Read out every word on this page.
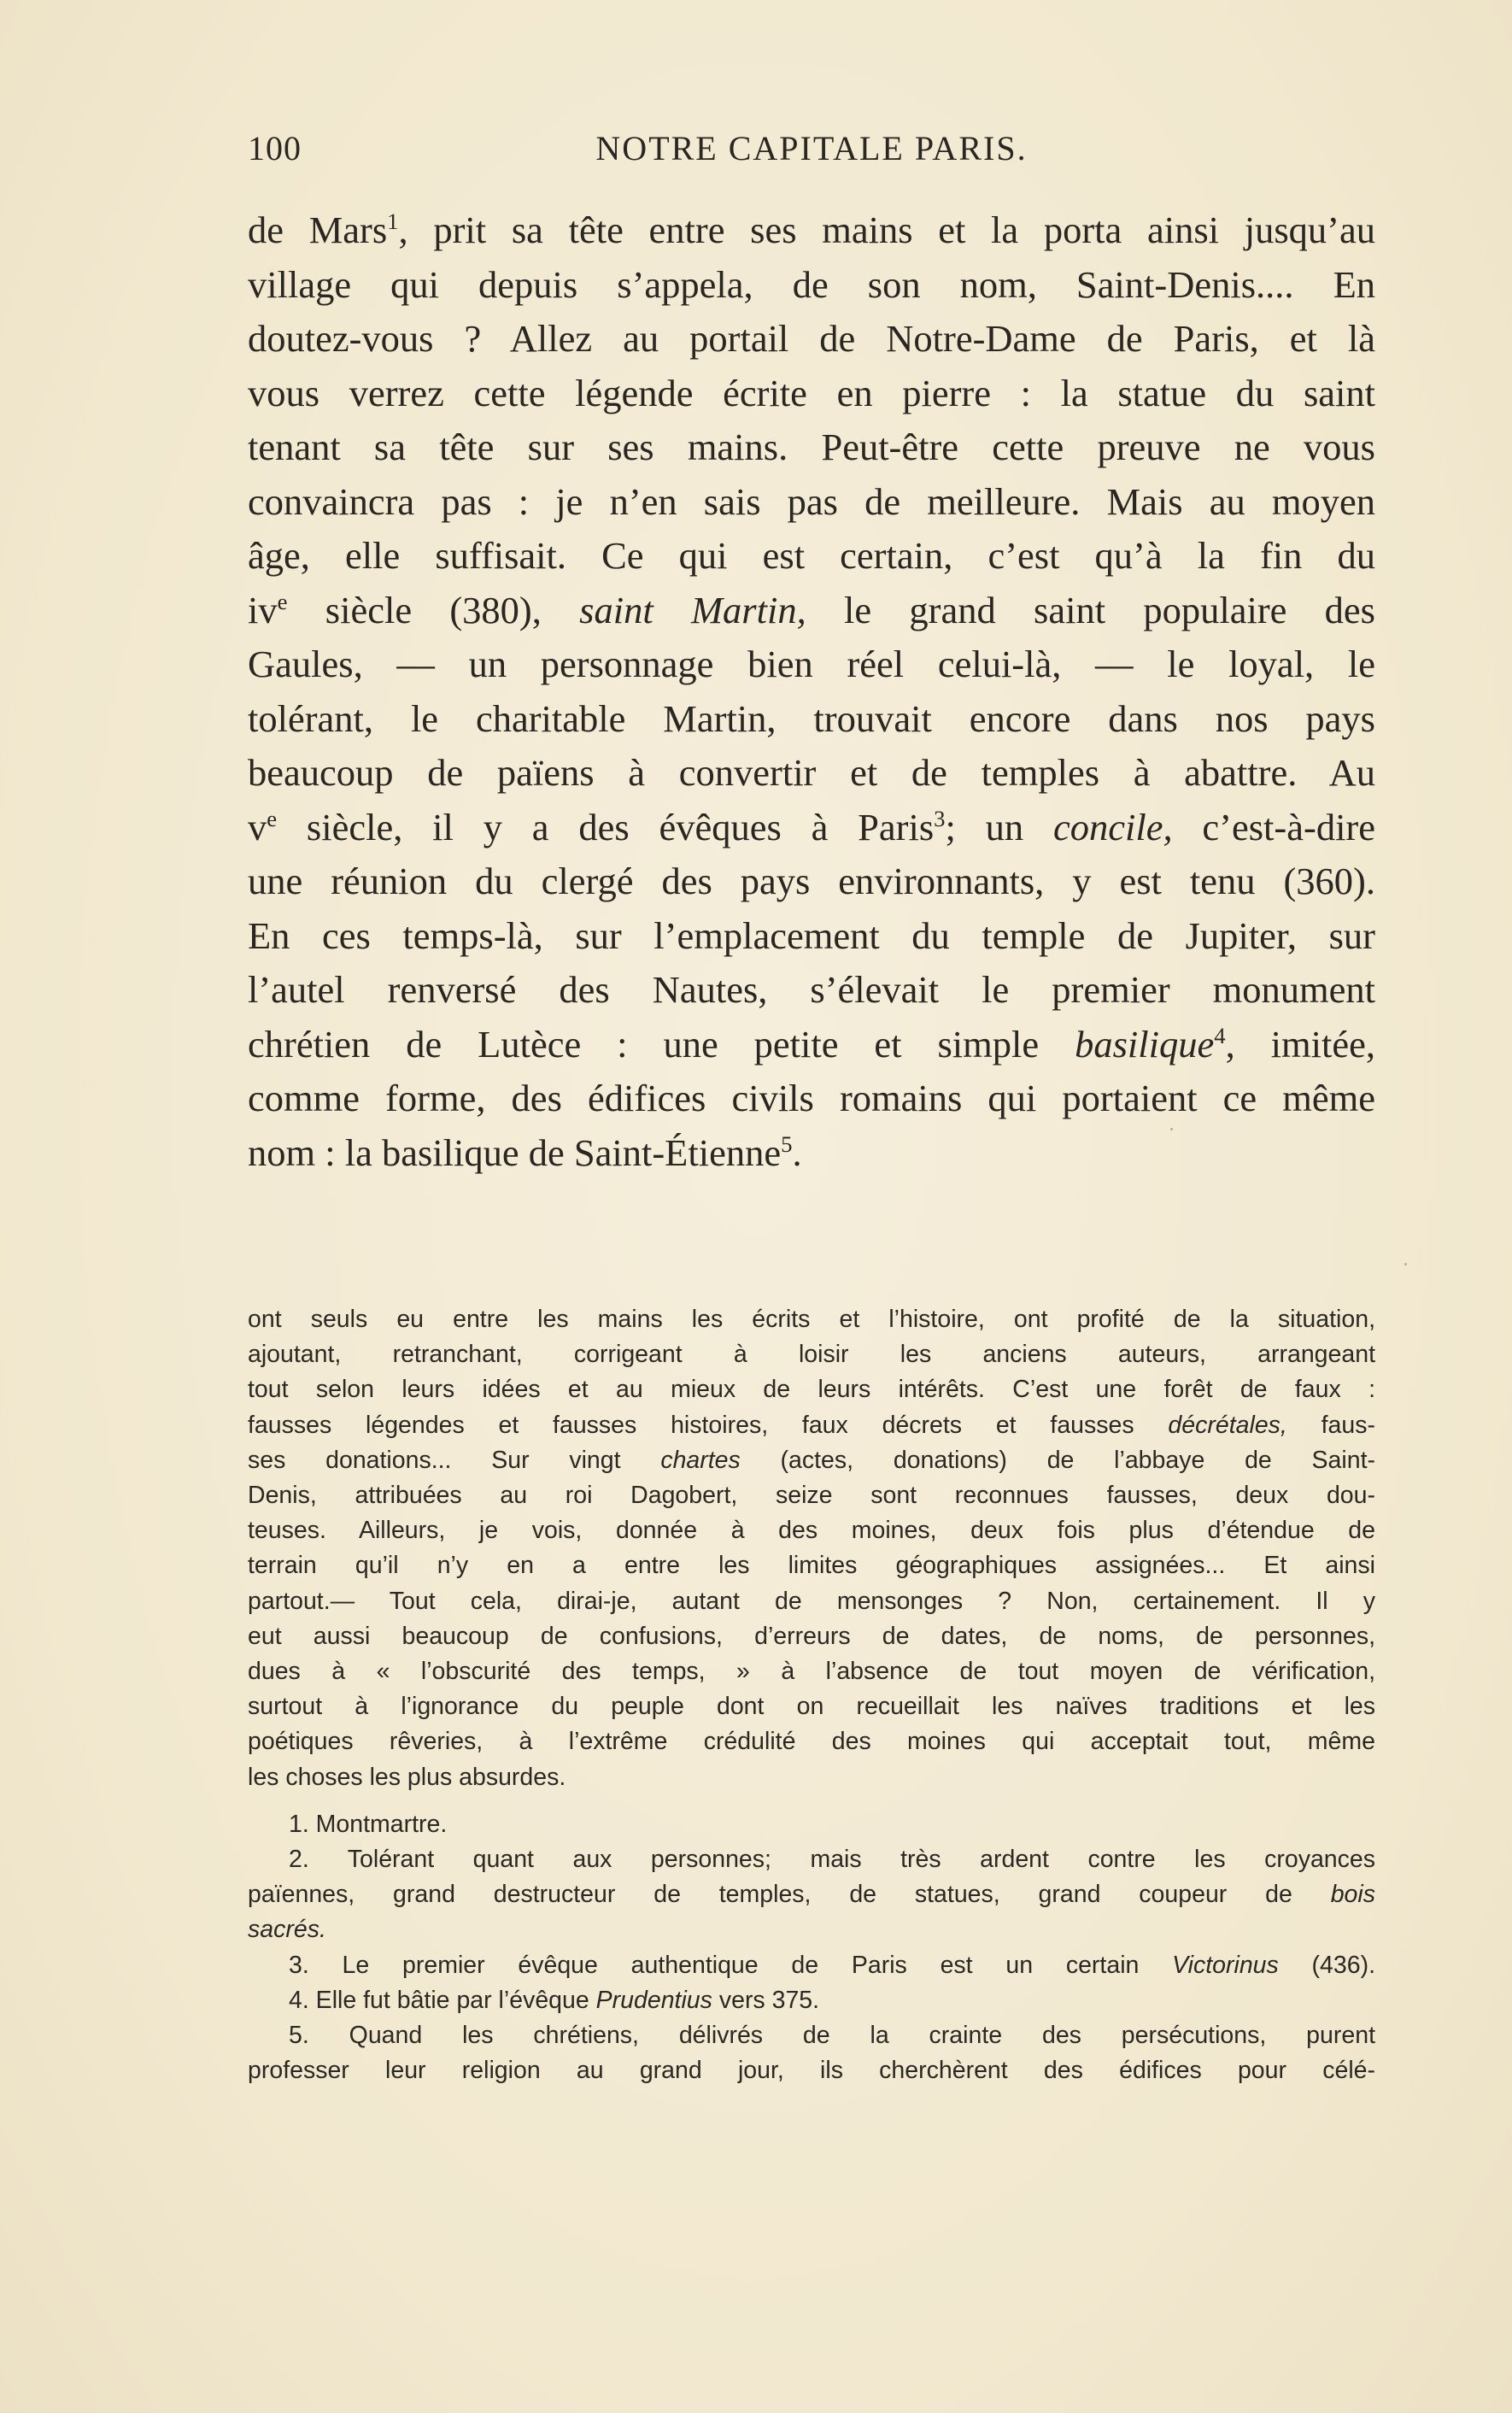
100	NOTRE CAPITALE PARIS.
de Mars$^1$, prit sa tête entre ses mains et la porta ainsi jusqu’au
village qui depuis s’appela, de son nom, Saint-Denis.... En
doutez-vous ? Allez au portail de Notre-Dame de Paris, et là
vous verrez cette légende écrite en pierre : la statue du saint
tenant sa tête sur ses mains. Peut-être cette preuve ne vous
convaincra pas : je n’en sais pas de meilleure. Mais au moyen
âge, elle suffisait. Ce qui est certain, c’est qu’à la fin du
$iv^e$ siècle (380), saint Martin, le grand saint populaire des
Gaules, — un personnage bien réel celui-là, — le loyal, le
tolérant, le charitable Martin, trouvait encore dans nos pays
beaucoup de païens à convertir et de temples à abattre. Au
$v^e$ siècle, il y a des évêques à Paris$^3$; un concile, c’est-à-dire
une réunion du clergé des pays environnants, y est tenu (360).
En ces temps-là, sur l’emplacement du temple de Jupiter, sur
l’autel renversé des Nautes, s’élevait le premier monument
chrétien de Lutèce : une petite et simple basilique$^4$, imitée,
comme forme, des édifices civils romains qui portaient ce même
nom : la basilique de Saint-Étienne$^5$.
ont seuls eu entre les mains les écrits et l’histoire, ont profité de la situation,
ajoutant, retranchant, corrigeant à loisir les anciens auteurs, arrangeant
tout selon leurs idées et au mieux de leurs intérêts. C’est une forêt de faux :
fausses légendes et fausses histoires, faux décrets et fausses décrétales, faus-
ses donations... Sur vingt chartes (actes, donations) de l’abbaye de Saint-
Denis, attribuées au roi Dagobert, seize sont reconnues fausses, deux dou-
teuses. Ailleurs, je vois, donnée à des moines, deux fois plus d’étendue de
terrain qu’il n’y en a entre les limites géographiques assignées... Et ainsi
partout.— Tout cela, dirai-je, autant de mensonges ? Non, certainement. Il y
eut aussi beaucoup de confusions, d’erreurs de dates, de noms, de personnes,
dues à « l’obscurité des temps, » à l’absence de tout moyen de vérification,
surtout à l’ignorance du peuple dont on recueillait les naïves traditions et les
poétiques rêveries, à l’extrême crédulité des moines qui acceptait tout, même
les choses les plus absurdes.
1. Montmartre.
2. Tolérant quant aux personnes; mais très ardent contre les croyances
païennes, grand destructeur de temples, de statues, grand coupeur de bois
sacrés.
3. Le premier évêque authentique de Paris est un certain Victorinus (436).
4. Elle fut bâtie par l’évêque Prudentius vers 375.
5. Quand les chrétiens, délivrés de la crainte des persécutions, purent
professer leur religion au grand jour, ils cherchèrent des édifices pour célé-
